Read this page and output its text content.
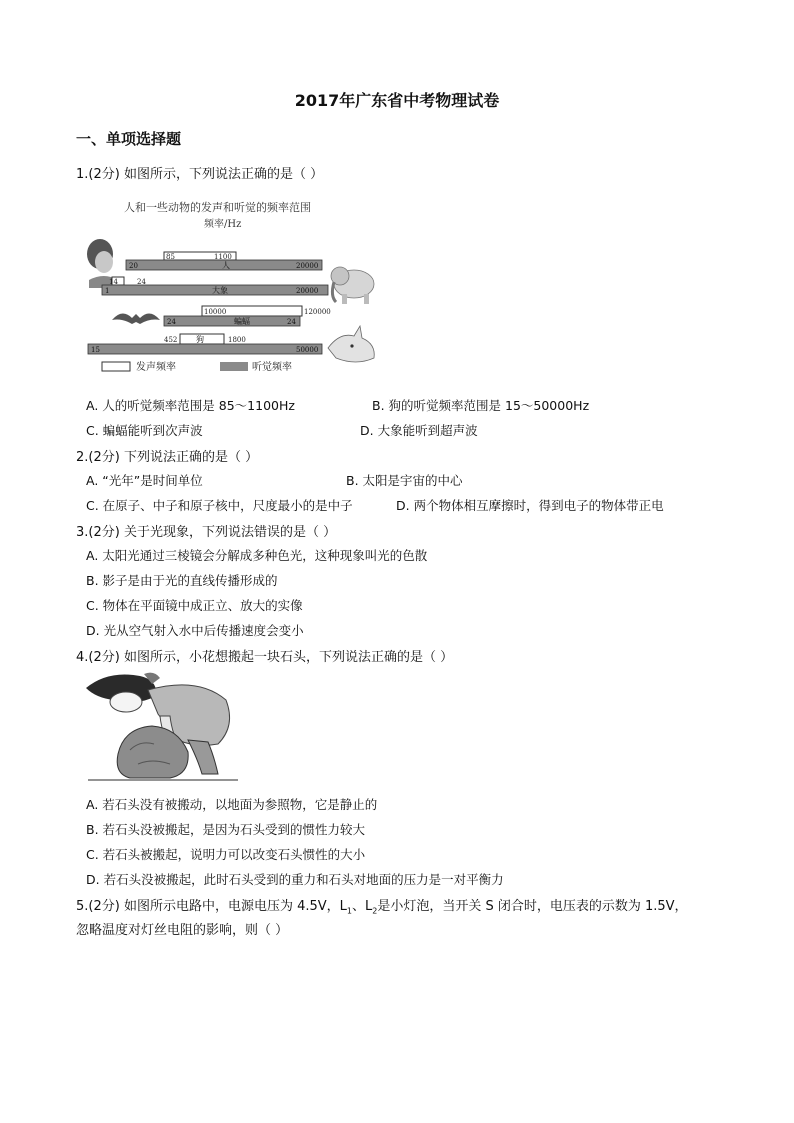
2017年广东省中考物理试卷
一、单项选择题
1.(2分) 如图所示，下列说法正确的是（ ）
人和一些动物的发声和听觉的频率范围
频率/Hz
85	1100
20	人	20000
14	24
1	大象	20000
10000	120000
24	蝙蝠	24
452	1800
15
狗
50000
发声频率	听觉频率
A. 人的听觉频率范围是 85～1100Hz	B. 狗的听觉频率范围是 15～50000Hz
C. 蝙蝠能听到次声波	D. 大象能听到超声波
2.(2分) 下列说法正确的是（ ）
A. “光年”是时间单位	B. 太阳是宇宙的中心
C. 在原子、中子和原子核中，尺度最小的是中子	D. 两个物体相互摩擦时，得到电子的物体带正电
3.(2分) 关于光现象，下列说法错误的是（ ）
A. 太阳光通过三棱镜会分解成多种色光，这种现象叫光的色散
B. 影子是由于光的直线传播形成的
C. 物体在平面镜中成正立、放大的实像
D. 光从空气射入水中后传播速度会变小
4.(2分) 如图所示，小花想搬起一块石头，下列说法正确的是（ ）
A. 若石头没有被搬动，以地面为参照物，它是静止的
B. 若石头没被搬起，是因为石头受到的惯性力较大
C. 若石头被搬起，说明力可以改变石头惯性的大小
D. 若石头没被搬起，此时石头受到的重力和石头对地面的压力是一对平衡力
5.(2分) 如图所示电路中，电源电压为 4.5V，$L_1$、$L_2$是小灯泡，当开关 S 闭合时，电压表的示数为 1.5V，
忽略温度对灯丝电阻的影响，则（ ）
